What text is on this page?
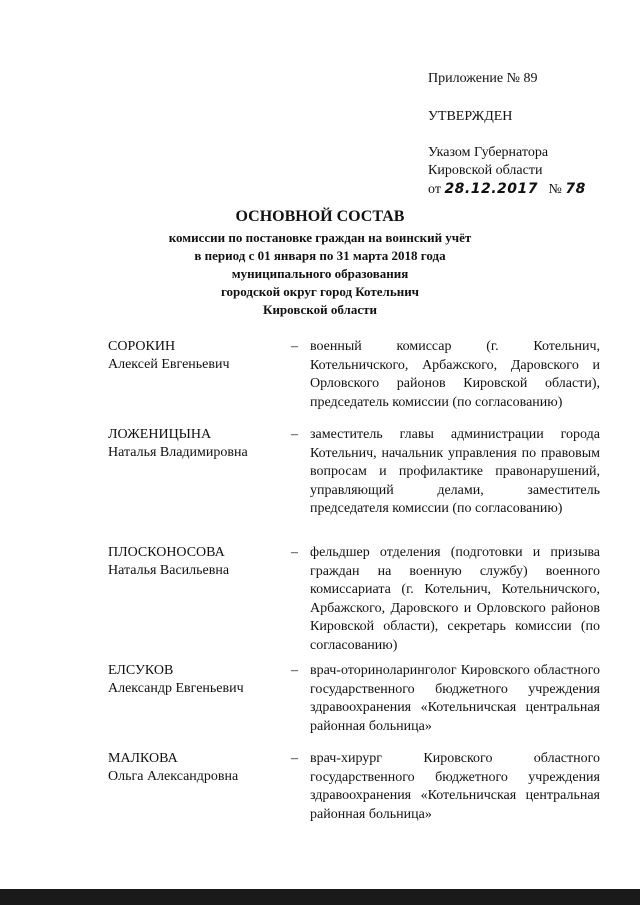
Приложение № 89

УТВЕРЖДЕН

Указом Губернатора

Кировской области

от 28.12.2017 № 78

ОСНОВНОЙ СОСТАВ

комиссии по постановке граждан на воинский учёт

в период с 01 января по 31 марта 2018 года

муниципального образования

городской округ город Котельнич

Кировской области

СОРОКИН
Алексей Евгеньевич
– военный комиссар (г. Котельнич, Котельничского, Арбажского, Даровского и Орловского районов Кировской области), председатель комиссии (по согласованию)

ЛОЖЕНИЦЫНА
Наталья Владимировна
– заместитель главы администрации города Котельнич, начальник управления по правовым вопросам и профилактике правонарушений, управляющий делами, заместитель председателя комиссии (по согласованию)

ПЛОСКОНОСОВА
Наталья Васильевна
– фельдшер отделения (подготовки и призыва граждан на военную службу) военного комиссариата (г. Котельнич, Котельничского, Арбажского, Даровского и Орловского районов Кировской области), секретарь комиссии (по согласованию)

ЕЛСУКОВ
Александр Евгеньевич
– врач-оториноларинголог Кировского областного государственного бюджетного учреждения здравоохранения «Котельничская центральная районная больница»

МАЛКОВА
Ольга Александровна
– врач-хирург Кировского областного государственного бюджетного учреждения здравоохранения «Котельничская центральная районная больница»
